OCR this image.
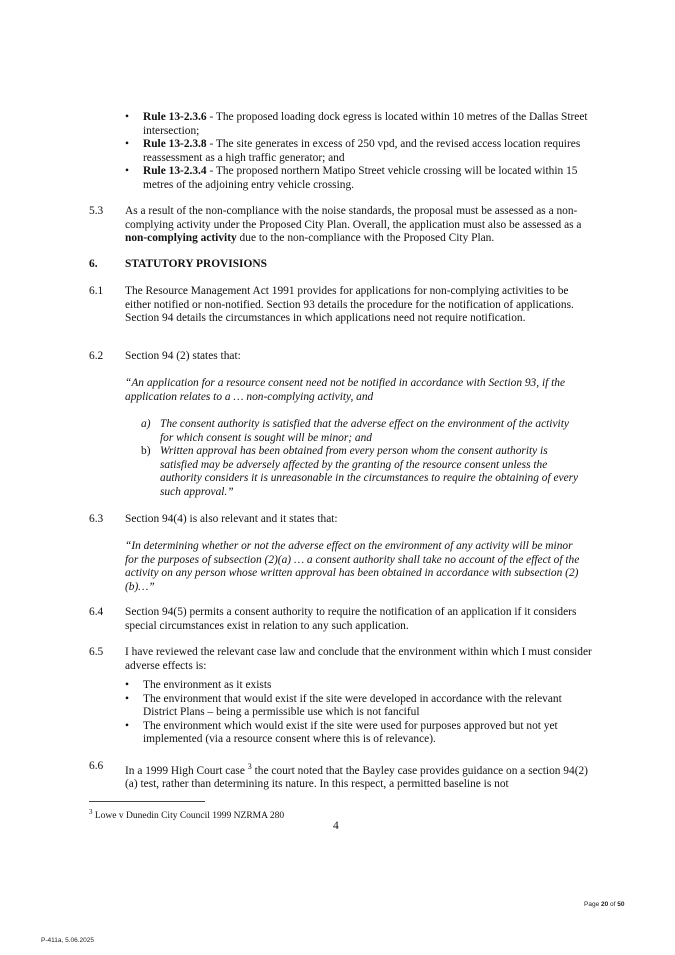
• Rule 13-2.3.6 - The proposed loading dock egress is located within 10 metres of the Dallas Street intersection;
• Rule 13-2.3.8 - The site generates in excess of 250 vpd, and the revised access location requires reassessment as a high traffic generator; and
• Rule 13-2.3.4 - The proposed northern Matipo Street vehicle crossing will be located within 15 metres of the adjoining entry vehicle crossing.
5.3 As a result of the non-compliance with the noise standards, the proposal must be assessed as a non-complying activity under the Proposed City Plan. Overall, the application must also be assessed as a non-complying activity due to the non-compliance with the Proposed City Plan.
6. STATUTORY PROVISIONS
6.1 The Resource Management Act 1991 provides for applications for non-complying activities to be either notified or non-notified. Section 93 details the procedure for the notification of applications. Section 94 details the circumstances in which applications need not require notification.
6.2 Section 94 (2) states that:
“An application for a resource consent need not be notified in accordance with Section 93, if the application relates to a … non-complying activity, and
a) The consent authority is satisfied that the adverse effect on the environment of the activity for which consent is sought will be minor; and
b) Written approval has been obtained from every person whom the consent authority is satisfied may be adversely affected by the granting of the resource consent unless the authority considers it is unreasonable in the circumstances to require the obtaining of every such approval.”
6.3 Section 94(4) is also relevant and it states that:
“In determining whether or not the adverse effect on the environment of any activity will be minor for the purposes of subsection (2)(a) … a consent authority shall take no account of the effect of the activity on any person whose written approval has been obtained in accordance with subsection (2)(b)…”
6.4 Section 94(5) permits a consent authority to require the notification of an application if it considers special circumstances exist in relation to any such application.
6.5 I have reviewed the relevant case law and conclude that the environment within which I must consider adverse effects is:
• The environment as it exists
• The environment that would exist if the site were developed in accordance with the relevant District Plans – being a permissible use which is not fanciful
• The environment which would exist if the site were used for purposes approved but not yet implemented (via a resource consent where this is of relevance).
6.6 In a 1999 High Court case $^3$ the court noted that the Bayley case provides guidance on a section 94(2)(a) test, rather than determining its nature. In this respect, a permitted baseline is not
$^3$ Lowe v Dunedin City Council 1999 NZRMA 280
4
Page 20 of 50
P-411a, 5.06.2025
